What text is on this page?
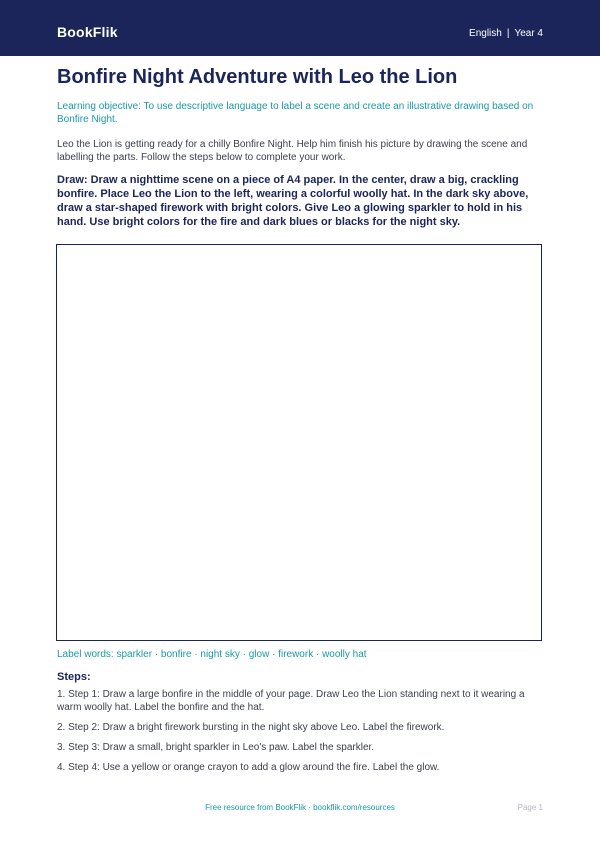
BookFlik	English | Year 4
Bonfire Night Adventure with Leo the Lion

Learning objective: To use descriptive language to label a scene and create an illustrative drawing based on Bonfire Night.

Leo the Lion is getting ready for a chilly Bonfire Night. Help him finish his picture by drawing the scene and labelling the parts. Follow the steps below to complete your work.

Draw: Draw a nighttime scene on a piece of A4 paper. In the center, draw a big, crackling bonfire. Place Leo the Lion to the left, wearing a colorful woolly hat. In the dark sky above, draw a star-shaped firework with bright colors. Give Leo a glowing sparkler to hold in his hand. Use bright colors for the fire and dark blues or blacks for the night sky.

Label words: sparkler · bonfire · night sky · glow · firework · woolly hat

Steps:
1. Step 1: Draw a large bonfire in the middle of your page. Draw Leo the Lion standing next to it wearing a warm woolly hat. Label the bonfire and the hat.
2. Step 2: Draw a bright firework bursting in the night sky above Leo. Label the firework.
3. Step 3: Draw a small, bright sparkler in Leo's paw. Label the sparkler.
4. Step 4: Use a yellow or orange crayon to add a glow around the fire. Label the glow.
Free resource from BookFlik · bookflik.com/resources	Page 1
